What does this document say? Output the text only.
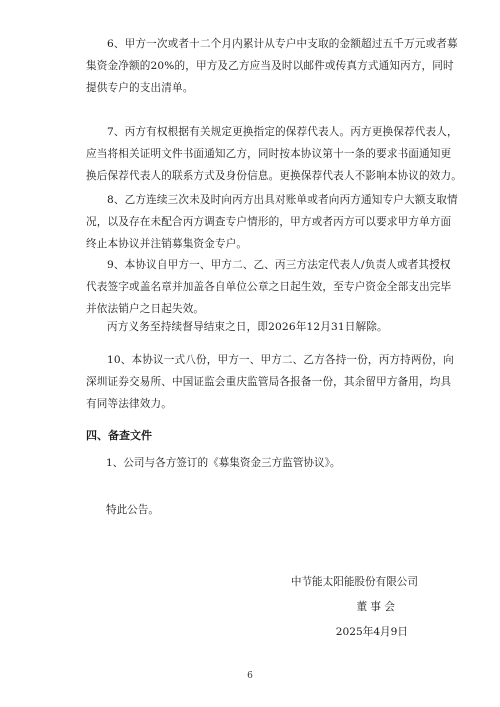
6、甲方一次或者十二个月内累计从专户中支取的金额超过五千万元或者募
集资金净额的20%的，甲方及乙方应当及时以邮件或传真方式通知丙方，同时
提供专户的支出清单。

7、丙方有权根据有关规定更换指定的保荐代表人。丙方更换保荐代表人，
应当将相关证明文件书面通知乙方，同时按本协议第十一条的要求书面通知更
换后保荐代表人的联系方式及身份信息。更换保荐代表人不影响本协议的效力。

8、乙方连续三次未及时向丙方出具对账单或者向丙方通知专户大额支取情
况，以及存在未配合丙方调查专户情形的，甲方或者丙方可以要求甲方单方面
终止本协议并注销募集资金专户。

9、本协议自甲方一、甲方二、乙、丙三方法定代表人/负责人或者其授权
代表签字或盖名章并加盖各自单位公章之日起生效，至专户资金全部支出完毕
并依法销户之日起失效。

丙方义务至持续督导结束之日，即2026年12月31日解除。

10、本协议一式八份，甲方一、甲方二、乙方各持一份，丙方持两份，向
深圳证券交易所、中国证监会重庆监管局各报备一份，其余留甲方备用，均具
有同等法律效力。

四、备查文件

1、公司与各方签订的《募集资金三方监管协议》。

特此公告。

中节能太阳能股份有限公司

董 事 会

2025年4月9日

6
